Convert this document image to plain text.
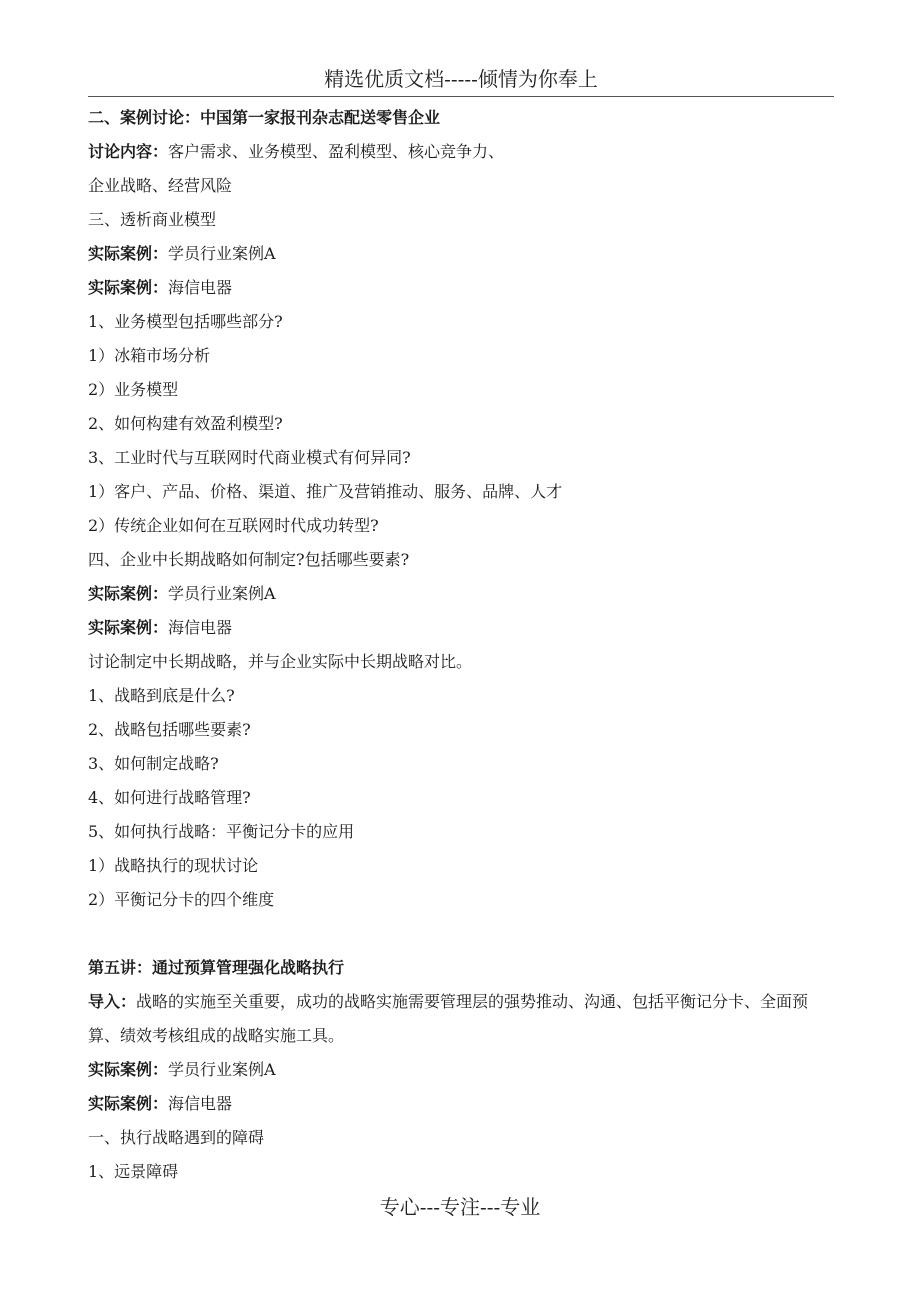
精选优质文档-----倾情为你奉上
二、案例讨论：中国第一家报刊杂志配送零售企业
讨论内容：客户需求、业务模型、盈利模型、核心竞争力、
企业战略、经营风险
三、透析商业模型
实际案例：学员行业案例A
实际案例：海信电器
1、业务模型包括哪些部分?
1）冰箱市场分析
2）业务模型
2、如何构建有效盈利模型?
3、工业时代与互联网时代商业模式有何异同?
1）客户、产品、价格、渠道、推广及营销推动、服务、品牌、人才
2）传统企业如何在互联网时代成功转型?
四、企业中长期战略如何制定?包括哪些要素?
实际案例：学员行业案例A
实际案例：海信电器
讨论制定中长期战略，并与企业实际中长期战略对比。
1、战略到底是什么?
2、战略包括哪些要素?
3、如何制定战略?
4、如何进行战略管理?
5、如何执行战略：平衡记分卡的应用
1）战略执行的现状讨论
2）平衡记分卡的四个维度
第五讲：通过预算管理强化战略执行
导入：战略的实施至关重要，成功的战略实施需要管理层的强势推动、沟通、包括平衡记分卡、全面预算、绩效考核组成的战略实施工具。
实际案例：学员行业案例A
实际案例：海信电器
一、执行战略遇到的障碍
1、远景障碍
专心---专注---专业
